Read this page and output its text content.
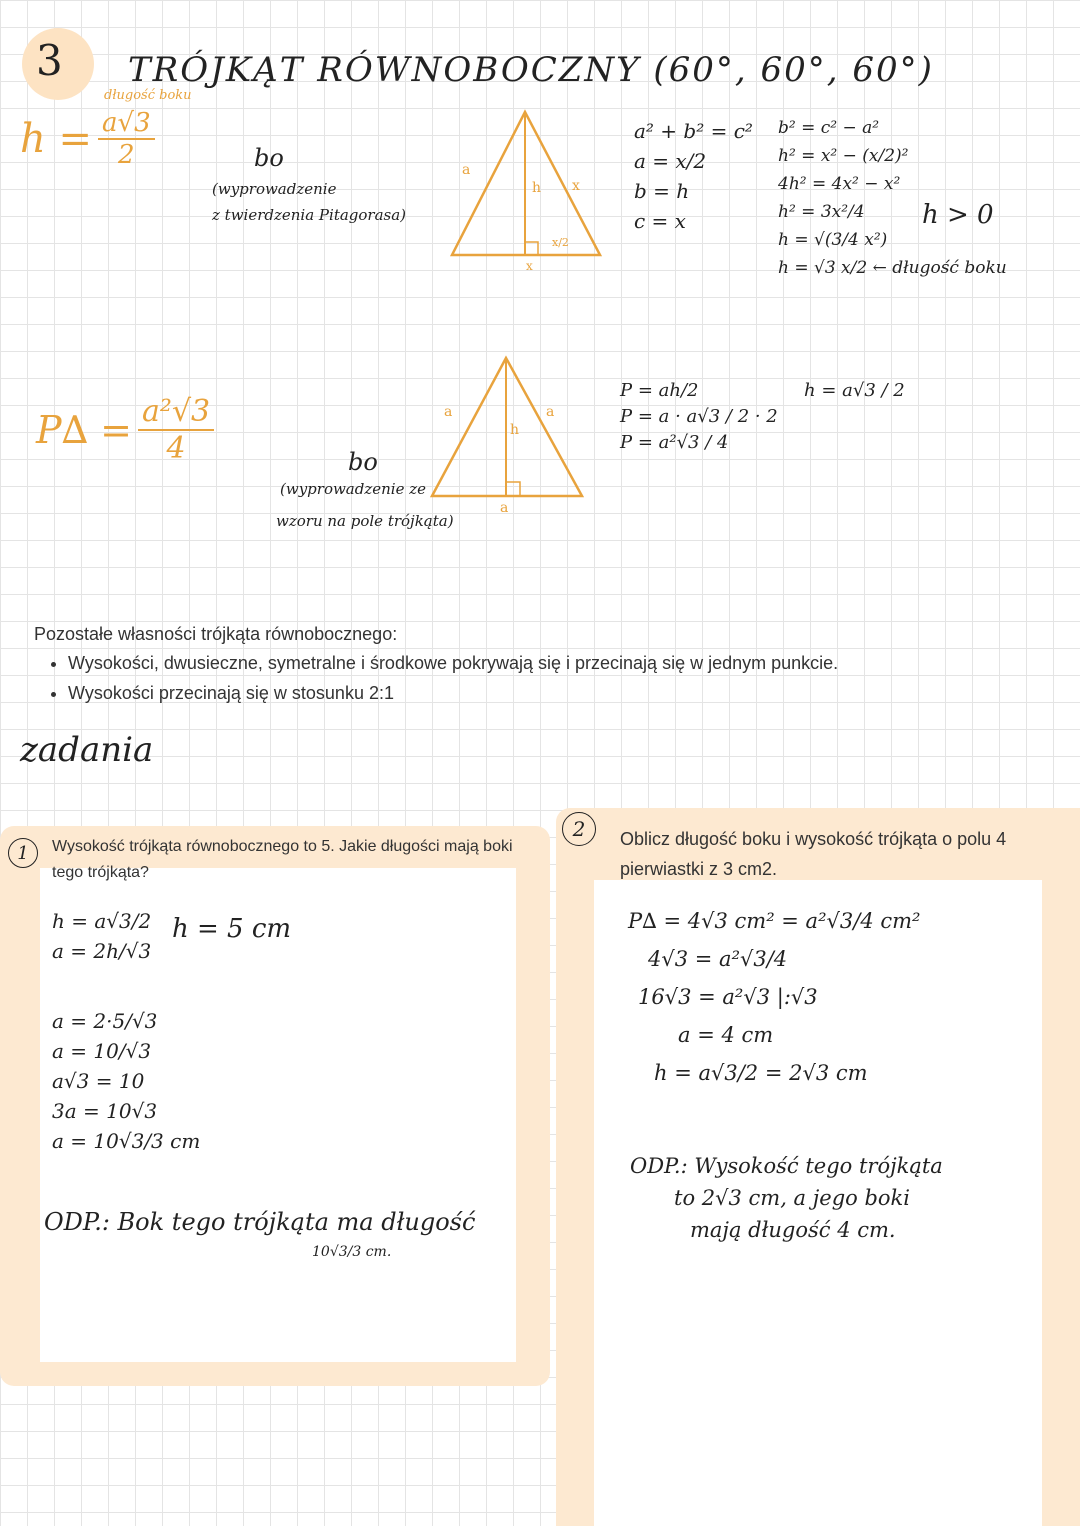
3 TRÓJKĄT RÓWNOBOCZNY (60°, 60°, 60°)
długość boku
$h = \frac{a√3}{2}$	bo
(wyprowadzenie
z twierdzenia Pitagorasa)
a
h x
x/2
x
a² + b² = c²
a = x/2
b = h
c = x
b² = c² − a²
h² = x² − (x/2)²
4h² = 4x² − x²
h² = 3x²/4
h = √(3/4 x²)
h = √3 x/2 ← długość boku
h > 0
$P\Delta = \frac{\text{a²√3}}{4}$	bo
(wyprowadzenie ze
wzoru na pole trójkąta)
a
h
a
a
P = ah/2
P = a · a√3 / 2 · 2
P = a²√3 / 4
h = a√3 / 2
Pozostałe własności trójkąta równobocznego:
• Wysokości, dwusieczne, symetralne i środkowe pokrywają się i przecinają się w jednym punkcie.
• Wysokości przecinają się w stosunku 2:1
zadania
1	Wysokość trójkąta równobocznego to 5. Jakie długości mają boki tego trójkąta?
h = a√3/2
a = 2h/√3
a = 2·5/√3
a = 10/√3
a√3 = 10
3a = 10√3
a = 10√3/3 cm
h = 5 cm
ODP.: Bok tego trójkąta ma długość
10√3/3 cm.
2	Oblicz długość boku i wysokość trójkąta o polu 4 pierwiastki z 3 cm2.
P∆ = 4√3 cm² = a²√3/4 cm²
4√3 = a²√3/4
16√3 = a²√3 |:√3
a = 4 cm
h = a√3/2 = 2√3 cm
ODP.: Wysokość tego trójkąta
to 2√3 cm, a jego boki
mają długość 4 cm.
